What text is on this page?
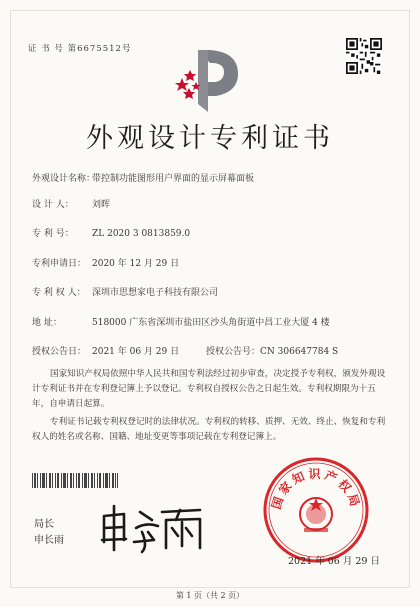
证 书 号 第6675512号
外观设计专利证书
外观设计名称：带控制功能图形用户界面的显示屏幕面板
设 计 人： 刘晖
专 利 号： ZL 2020 3 0813859.0
专利申请日： 2020 年 12 月 29 日
专 利 权 人： 深圳市思想家电子科技有限公司
地 址：	518000 广东省深圳市盐田区沙头角街道中昌工业大厦 4 楼
授权公告日： 2021 年 06 月 29 日	授权公告号：CN 306647784 S
国家知识产权局依照中华人民共和国专利法经过初步审查，决定授予专利权，颁发外观设计专利证书并在专利登记簿上予以登记。专利权自授权公告之日起生效。专利权期限为十五年，自申请日起算。
专利证书记载专利权登记时的法律状况。专利权的转移、质押、无效、终止、恢复和专利权人的姓名或名称、国籍、地址变更等事项记载在专利登记簿上。
局长
申长雨
国家知识产权局
2021 年 06 月 29 日
第 1 页（共 2 页）
